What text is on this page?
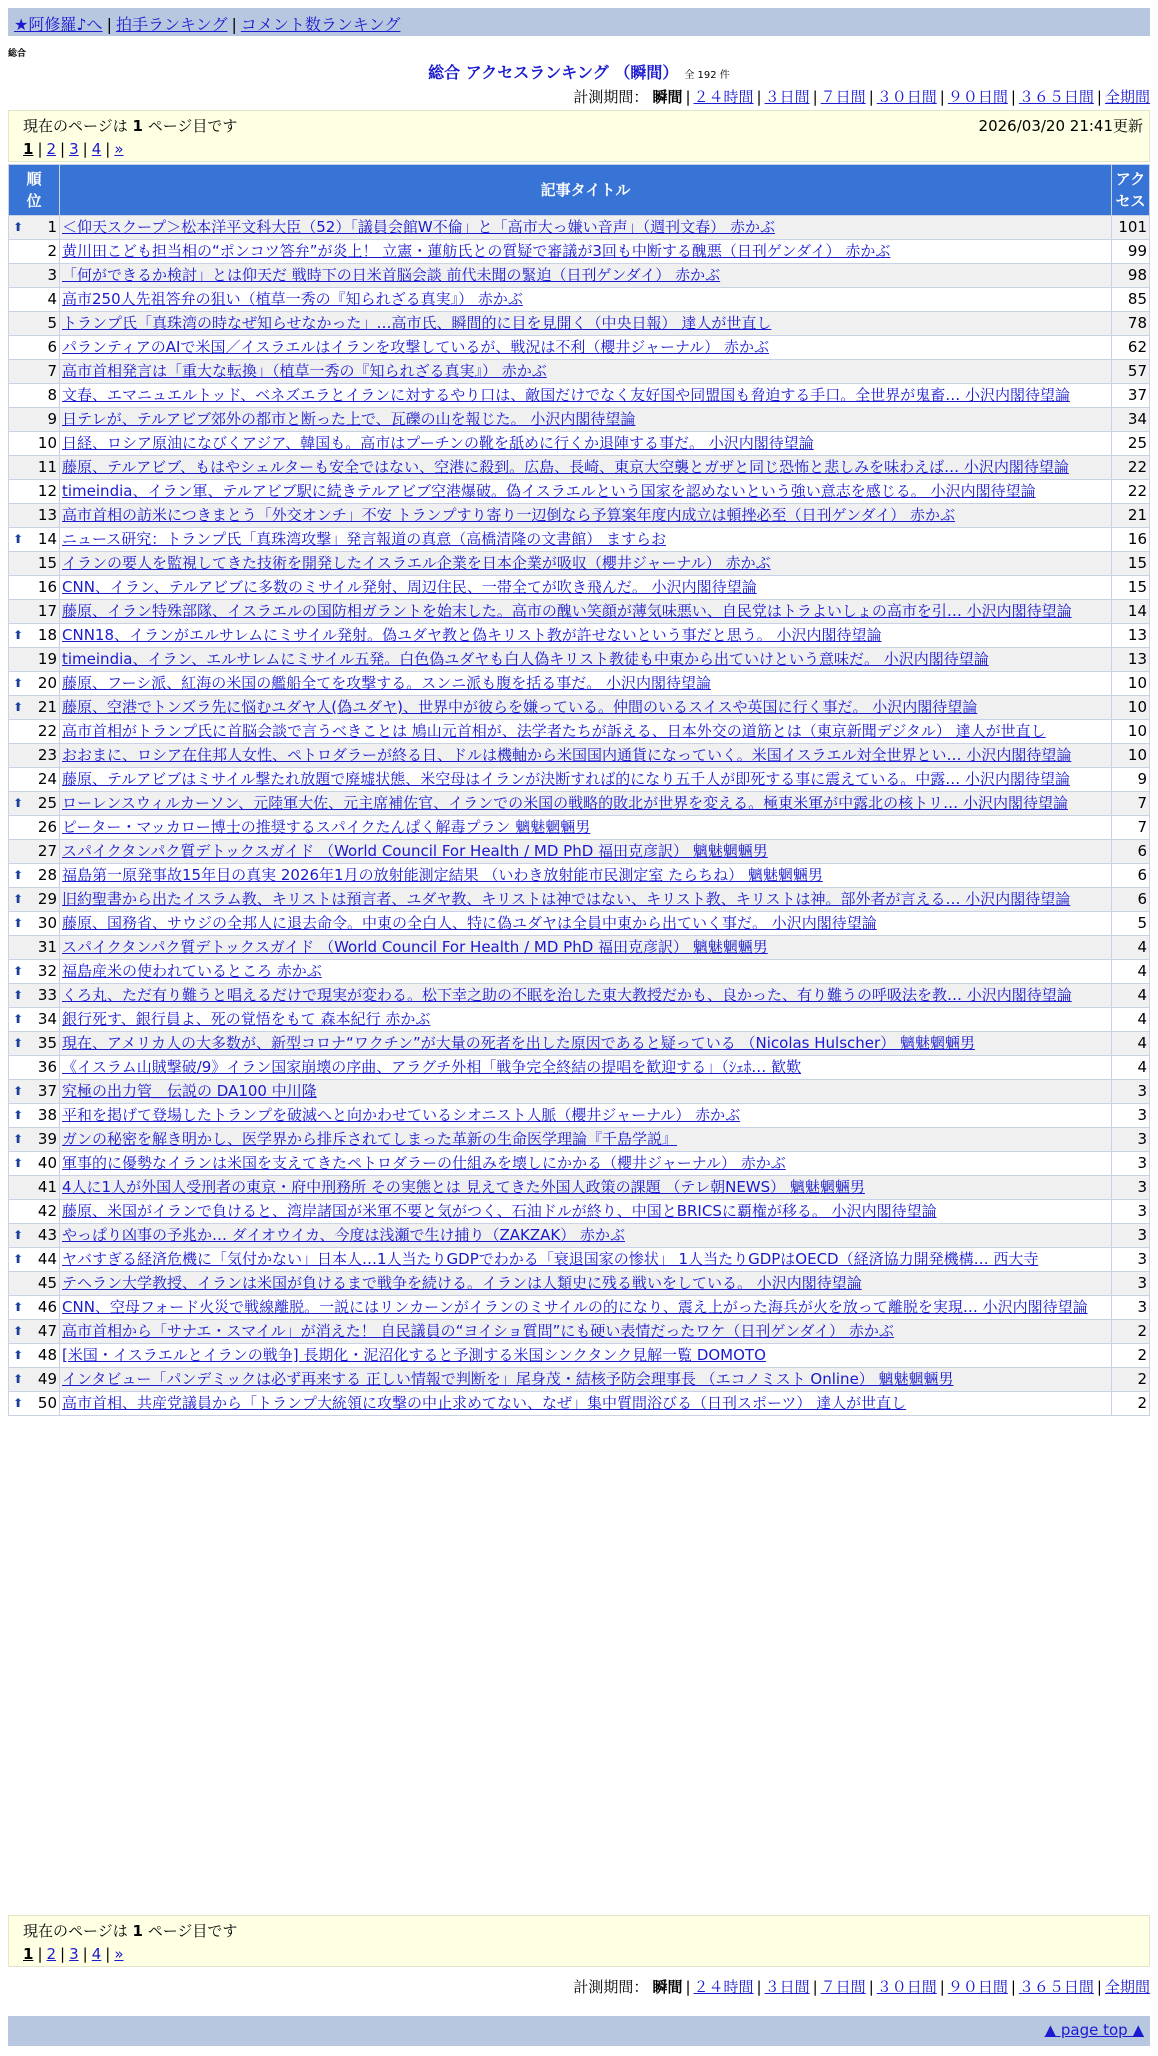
★阿修羅♪へ | 拍手ランキング | コメント数ランキング
総合
総合 アクセスランキング （瞬間） 全 192 件
計測期間： 瞬間 | ２４時間 | ３日間 | ７日間 | ３０日間 | ９０日間 | ３６５日間 | 全期間
現在のページは 1 ページ目です	2026/03/20 21:41更新
1 | 2 | 3 | 4 | »
順位	記事タイトル	アクセス

⬆ 1	＜仰天スクープ＞松本洋平文科大臣（52）「議員会館W不倫」と「高市大っ嫌い音声」（週刊文春） 赤かぶ	101
2	黄川田こども担当相の“ポンコツ答弁”が炎上！ 立憲・蓮舫氏との質疑で審議が3回も中断する醜悪（日刊ゲンダイ） 赤かぶ	99
3	「何ができるか検討」とは仰天だ 戦時下の日米首脳会談 前代未聞の緊迫（日刊ゲンダイ） 赤かぶ	98
4	高市250人先祖答弁の狙い（植草一秀の『知られざる真実』） 赤かぶ	85
5	トランプ氏「真珠湾の時なぜ知らせなかった」…高市氏、瞬間的に目を見開く（中央日報） 達人が世直し	78
6	パランティアのAIで米国／イスラエルはイランを攻撃しているが、戦況は不利（櫻井ジャーナル） 赤かぶ	62
7	高市首相発言は「重大な転換」（植草一秀の『知られざる真実』） 赤かぶ	57
8	文春、エマニュエルトッド、ベネズエラとイランに対するやり口は、敵国だけでなく友好国や同盟国も脅迫する手口。全世界が鬼畜… 小沢内閣待望論	37
9	日テレが、テルアビブ郊外の都市と断った上で、瓦礫の山を報じた。 小沢内閣待望論	34
10	日経、ロシア原油になびくアジア、韓国も。高市はプーチンの靴を舐めに行くか退陣する事だ。 小沢内閣待望論	25
11	藤原、テルアビブ、もはやシェルターも安全ではない、空港に殺到。広島、長崎、東京大空襲とガザと同じ恐怖と悲しみを味わえば… 小沢内閣待望論	22
12	timeindia、イラン軍、テルアビブ駅に続きテルアビブ空港爆破。偽イスラエルという国家を認めないという強い意志を感じる。 小沢内閣待望論	22
13	高市首相の訪米につきまとう「外交オンチ」不安 トランプすり寄り一辺倒なら予算案年度内成立は頓挫必至（日刊ゲンダイ） 赤かぶ	21

⬆ 14	ニュース研究：トランプ氏「真珠湾攻撃」発言報道の真意（高橋清隆の文書館） ますらお	16
15	イランの要人を監視してきた技術を開発したイスラエル企業を日本企業が吸収（櫻井ジャーナル） 赤かぶ	15
16	CNN、イラン、テルアビブに多数のミサイル発射、周辺住民、一帯全てが吹き飛んだ。 小沢内閣待望論	15
17	藤原、イラン特殊部隊、イスラエルの国防相ガラントを始末した。高市の醜い笑顔が薄気味悪い、自民党はトラよいしょの高市を引… 小沢内閣待望論	14

⬆ 18	CNN18、イランがエルサレムにミサイル発射。偽ユダヤ教と偽キリスト教が許せないという事だと思う。 小沢内閣待望論	13
19	timeindia、イラン、エルサレムにミサイル五発。白色偽ユダヤも白人偽キリスト教徒も中東から出ていけという意味だ。 小沢内閣待望論	13

⬆ 20	藤原、フーシ派、紅海の米国の艦船全てを攻撃する。スンニ派も腹を括る事だ。 小沢内閣待望論	10

⬆ 21	藤原、空港でトンズラ先に悩むユダヤ人(偽ユダヤ)、世界中が彼らを嫌っている。仲間のいるスイスや英国に行く事だ。 小沢内閣待望論	10
22	高市首相がトランプ氏に首脳会談で言うべきことは 鳩山元首相が、法学者たちが訴える、日本外交の道筋とは（東京新聞デジタル） 達人が世直し	10
23	おおまに、ロシア在住邦人女性、ペトロダラーが終る日、ドルは機軸から米国国内通貨になっていく。米国イスラエル対全世界とい… 小沢内閣待望論	10
24	藤原、テルアビブはミサイル撃たれ放題で廃墟状態、米空母はイランが決断すれば的になり五千人が即死する事に震えている。中露… 小沢内閣待望論	9

⬆ 25	ローレンスウィルカーソン、元陸軍大佐、元主席補佐官、イランでの米国の戦略的敗北が世界を変える。極東米軍が中露北の核トリ… 小沢内閣待望論	7
26	ピーター・マッカロー博士の推奨するスパイクたんぱく解毒プラン 魑魅魍魎男	7
27	スパイクタンパク質デトックスガイド （World Council For Health / MD PhD 福田克彦訳） 魑魅魍魎男	6

⬆ 28	福島第一原発事故15年目の真実 2026年1月の放射能測定結果 （いわき放射能市民測定室 たらちね） 魑魅魍魎男	6

⬆ 29	旧約聖書から出たイスラム教、キリストは預言者、ユダヤ教、キリストは神ではない、キリスト教、キリストは神。部外者が言える… 小沢内閣待望論	6

⬆ 30	藤原、国務省、サウジの全邦人に退去命令。中東の全白人、特に偽ユダヤは全員中東から出ていく事だ。 小沢内閣待望論	5
31	スパイクタンパク質デトックスガイド （World Council For Health / MD PhD 福田克彦訳） 魑魅魍魎男	4

⬆ 32	福島産米の使われているところ 赤かぶ	4

⬆ 33	くろ丸、ただ有り難うと唱えるだけで現実が変わる。松下幸之助の不眠を治した東大教授だかも、良かった、有り難うの呼吸法を教… 小沢内閣待望論	4

⬆ 34	銀行死す、銀行員よ、死の覚悟をもて 森本紀行 赤かぶ	4

⬆ 35	現在、アメリカ人の大多数が、新型コロナ“ワクチン”が大量の死者を出した原因であると疑っている （Nicolas Hulscher） 魑魅魍魎男	4
36	《イスラム山賊撃破/9》イラン国家崩壊の序曲、アラグチ外相「戦争完全終結の提唱を歓迎する」（ｼｪﾎ… 歓歎	4

⬆ 37	究極の出力管＿伝説の DA100 中川隆	3

⬆ 38	平和を掲げて登場したトランプを破滅へと向かわせているシオニスト人脈（櫻井ジャーナル） 赤かぶ	3

⬆ 39	ガンの秘密を解き明かし、医学界から排斥されてしまった革新の生命医学理論『千島学説』	3

⬆ 40	軍事的に優勢なイランは米国を支えてきたペトロダラーの仕組みを壊しにかかる（櫻井ジャーナル） 赤かぶ	3
41	4人に1人が外国人受刑者の東京・府中刑務所 その実態とは 見えてきた外国人政策の課題 （テレ朝NEWS） 魑魅魍魎男	3
42	藤原、米国がイランで負けると、湾岸諸国が米軍不要と気がつく、石油ドルが終り、中国とBRICSに覇権が移る。 小沢内閣待望論	3

⬆ 43	やっぱり凶事の予兆か… ダイオウイカ、今度は浅瀬で生け捕り（ZAKZAK） 赤かぶ	3

⬆ 44	ヤバすぎる経済危機に「気付かない」日本人…1人当たりGDPでわかる「衰退国家の惨状」 1人当たりGDPはOECD（経済協力開発機構… 西大寺	3
45	テヘラン大学教授、イランは米国が負けるまで戦争を続ける。イランは人類史に残る戦いをしている。 小沢内閣待望論	3

⬆ 46	CNN、空母フォード火災で戦線離脱。一説にはリンカーンがイランのミサイルの的になり、震え上がった海兵が火を放って離脱を実現… 小沢内閣待望論	3

⬆ 47	高市首相から「サナエ・スマイル」が消えた！ 自民議員の“ヨイショ質問”にも硬い表情だったワケ（日刊ゲンダイ） 赤かぶ	2

⬆ 48	[米国・イスラエルとイランの戦争] 長期化・泥沼化すると予測する米国シンクタンク見解一覧 DOMOTO	2

⬆ 49	インタビュー「パンデミックは必ず再来する 正しい情報で判断を」尾身茂・結核予防会理事長 （エコノミスト Online） 魑魅魍魎男	2

⬆ 50	高市首相、共産党議員から「トランプ大統領に攻撃の中止求めてない、なぜ」集中質問浴びる（日刊スポーツ） 達人が世直し	2
現在のページは 1 ページ目です
1 | 2 | 3 | 4 | »
計測期間： 瞬間 | ２４時間 | ３日間 | ７日間 | ３０日間 | ９０日間 | ３６５日間 | 全期間
▲ page top ▲
